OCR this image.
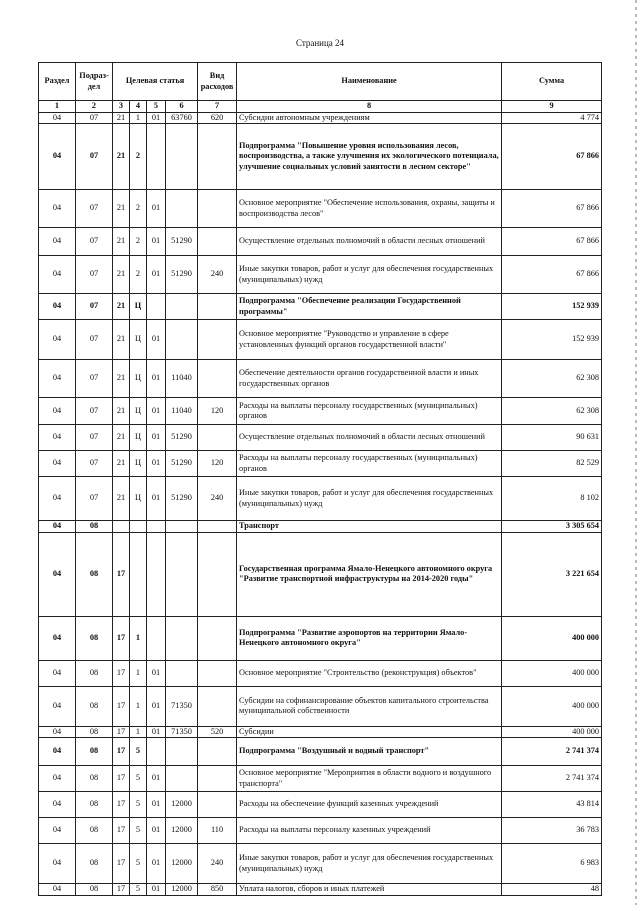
Страница 24
Раздел	Подраз-дел	Целевая статья				Вид расходов	Наименование	Сумма
1	2	3	4	5	6	7	8	9
04	07	21	1	01	63760	620	Субсидии автономным учреждениям	4 774
04	07	21	2				Подпрограмма "Повышение уровня использования лесов, воспроизводства, а также улучшения их экологического потенциала, улучшение социальных условий занятости в лесном секторе"	67 866
04	07	21	2	01			Основное мероприятие "Обеспечение использования, охраны, защиты и воспроизводства лесов"	67 866
04	07	21	2	01	51290		Осуществление отдельных полномочий в области лесных отношений	67 866
04	07	21	2	01	51290	240	Иные закупки товаров, работ и услуг для обеспечения государственных (муниципальных) нужд	67 866
04	07	21	Ц				Подпрограмма "Обеспечение реализации Государственной программы"	152 939
04	07	21	Ц	01			Основное мероприятие "Руководство и управление в сфере установленных функций органов государственной власти"	152 939
04	07	21	Ц	01	11040		Обеспечение деятельности органов государственной власти и иных государственных органов	62 308
04	07	21	Ц	01	11040	120	Расходы на выплаты персоналу государственных (муниципальных) органов	62 308
04	07	21	Ц	01	51290		Осуществление отдельных полномочий в области лесных отношений	90 631
04	07	21	Ц	01	51290	120	Расходы на выплаты персоналу государственных (муниципальных) органов	82 529
04	07	21	Ц	01	51290	240	Иные закупки товаров, работ и услуг для обеспечения государственных (муниципальных) нужд	8 102
04	08						Транспорт	3 305 654
04	08	17					Государственная программа Ямало-Ненецкого автономного округа "Развитие транспортной инфраструктуры на 2014-2020 годы"	3 221 654
04	08	17	1				Подпрограмма "Развитие аэропортов на территории Ямало-Ненецкого автономного округа"	400 000
04	08	17	1	01			Основное мероприятие "Строительство (реконструкция) объектов"	400 000
04	08	17	1	01	71350		Субсидии на софинансирование объектов капитального строительства муниципальной собственности	400 000
04	08	17	1	01	71350	520	Субсидии	400 000
04	08	17	5				Подпрограмма "Воздушный и водный транспорт"	2 741 374
04	08	17	5	01			Основное мероприятие "Мероприятия в области водного и воздушного транспорта"	2 741 374
04	08	17	5	01	12000		Расходы на обеспечение функций казенных учреждений	43 814
04	08	17	5	01	12000	110	Расходы на выплаты персоналу казенных учреждений	36 783
04	08	17	5	01	12000	240	Иные закупки товаров, работ и услуг для обеспечения государственных (муниципальных) нужд	6 983
04	08	17	5	01	12000	850	Уплата налогов, сборов и иных платежей	48
